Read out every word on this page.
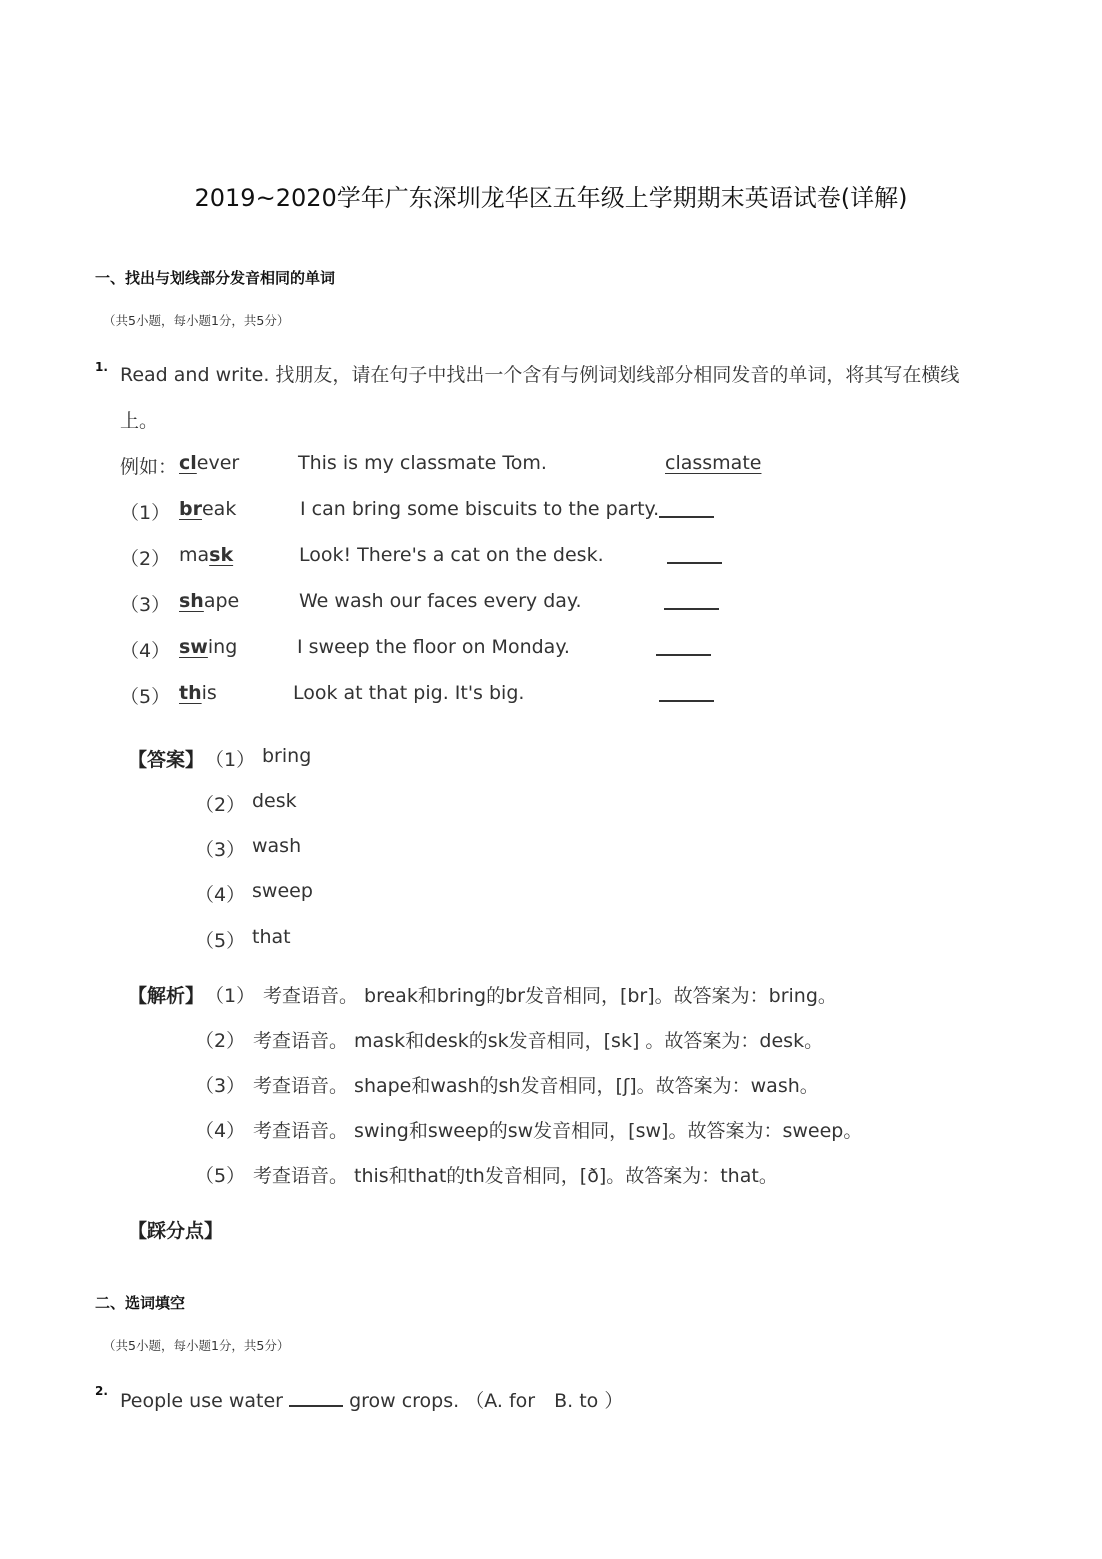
2019~2020学年广东深圳龙华区五年级上学期期末英语试卷(详解)
一、找出与划线部分发音相同的单词
（共5小题，每小题1分，共5分）
1. Read and write. 找朋友，请在句子中找出一个含有与例词划线部分相同发音的单词，将其写在横线
上。
例如： clever	This is my classmate Tom.	classmate
（1） break	I can bring some biscuits to the party.
（2） mask	Look! There's a cat on the desk.
（3） shape	We wash our faces every day.
（4） swing	I sweep the floor on Monday.
（5） this	Look at that pig. It's big.
【答案】 （1） bring
（2） desk
（3） wash
（4） sweep
（5） that
【解析】 （1） 考查语音。 break和bring的br发音相同，[br]。故答案为：bring。
（2） 考查语音。 mask和desk的sk发音相同，[sk] 。故答案为：desk。
（3） 考查语音。 shape和wash的sh发音相同，[ʃ]。故答案为：wash。
（4） 考查语音。 swing和sweep的sw发音相同，[sw]。故答案为：sweep。
（5） 考查语音。 this和that的th发音相同，[ð]。故答案为：that。
【踩分点】
二、选词填空
（共5小题，每小题1分，共5分）
2. People use water	grow crops. （A. for　B. to ）
